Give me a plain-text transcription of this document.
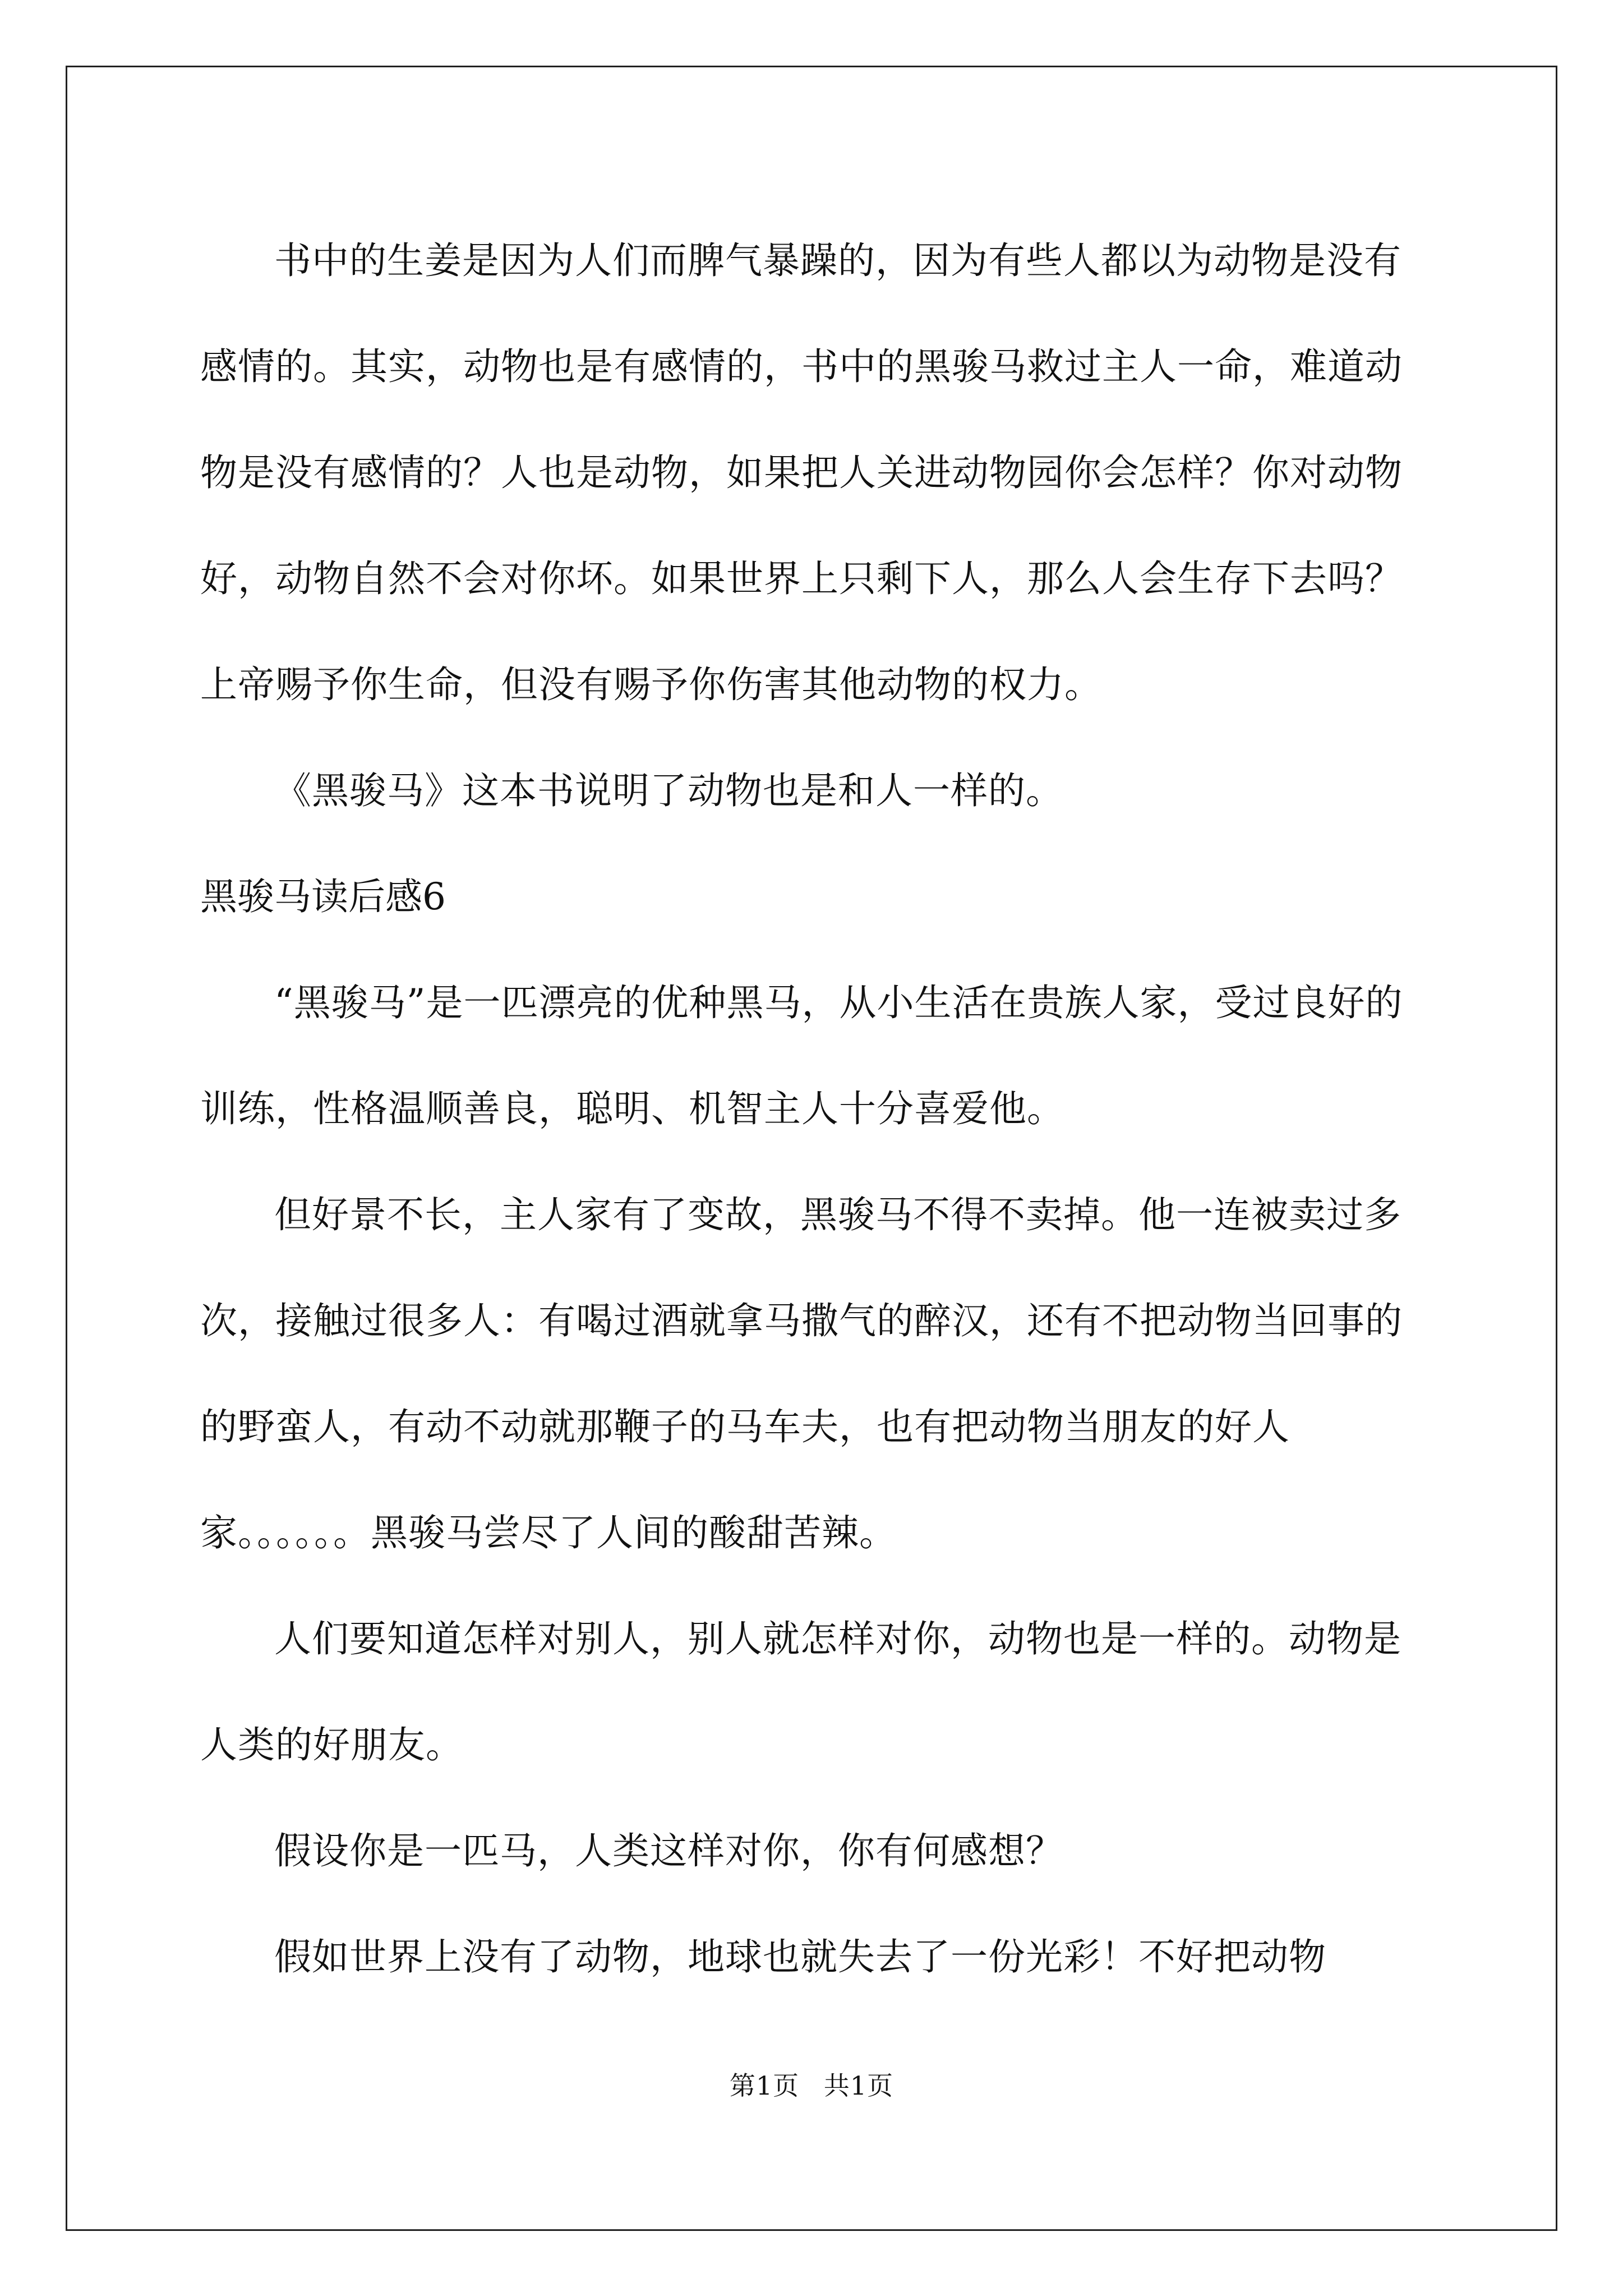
书中的生姜是因为人们而脾气暴躁的，因为有些人都以为动物是没有感情的。其实，动物也是有感情的，书中的黑骏马救过主人一命，难道动物是没有感情的？人也是动物，如果把人关进动物园你会怎样？你对动物好，动物自然不会对你坏。如果世界上只剩下人，那么人会生存下去吗？上帝赐予你生命，但没有赐予你伤害其他动物的权力。

《黑骏马》这本书说明了动物也是和人一样的。

黑骏马读后感6

“黑骏马”是一匹漂亮的优种黑马，从小生活在贵族人家，受过良好的训练，性格温顺善良，聪明、机智主人十分喜爱他。

但好景不长，主人家有了变故，黑骏马不得不卖掉。他一连被卖过多次，接触过很多人：有喝过酒就拿马撒气的醉汉，还有不把动物当回事的的野蛮人，有动不动就那鞭子的马车夫，也有把动物当朋友的好人家。。。。。。黑骏马尝尽了人间的酸甜苦辣。

人们要知道怎样对别人，别人就怎样对你，动物也是一样的。动物是人类的好朋友。

假设你是一匹马，人类这样对你，你有何感想？

假如世界上没有了动物，地球也就失去了一份光彩！不好把动物

第1页 共1页
